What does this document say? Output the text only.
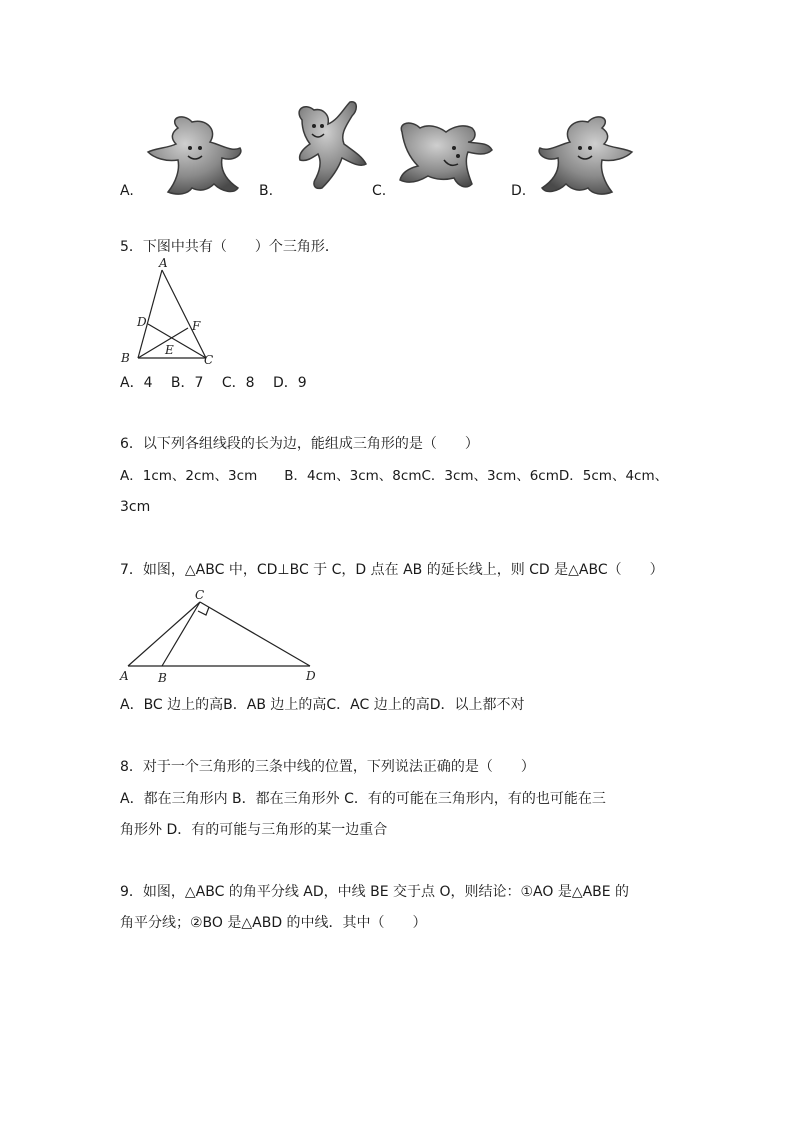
A.	B.	C.	D.
5．下图中共有（　　）个三角形．
A
B	C
D
E
F
A．4　 B．7　 C．8　 D．9
6．以下列各组线段的长为边，能组成三角形的是（　　）
A．1cm、2cm、3cm　　B．4cm、3cm、8cmC．3cm、3cm、6cmD．5cm、4cm、
3cm
7．如图，△ABC 中，CD⊥BC 于 C，D 点在 AB 的延长线上，则 CD 是△ABC（　　）
A B
C
D
A．BC 边上的高B．AB 边上的高C．AC 边上的高D．以上都不对
8．对于一个三角形的三条中线的位置，下列说法正确的是（　　）
A．都在三角形内 B．都在三角形外 C．有的可能在三角形内，有的也可能在三
角形外 D．有的可能与三角形的某一边重合
9．如图，△ABC 的角平分线 AD，中线 BE 交于点 O，则结论：①AO 是△ABE 的
角平分线；②BO 是△ABD 的中线．其中（　　）
